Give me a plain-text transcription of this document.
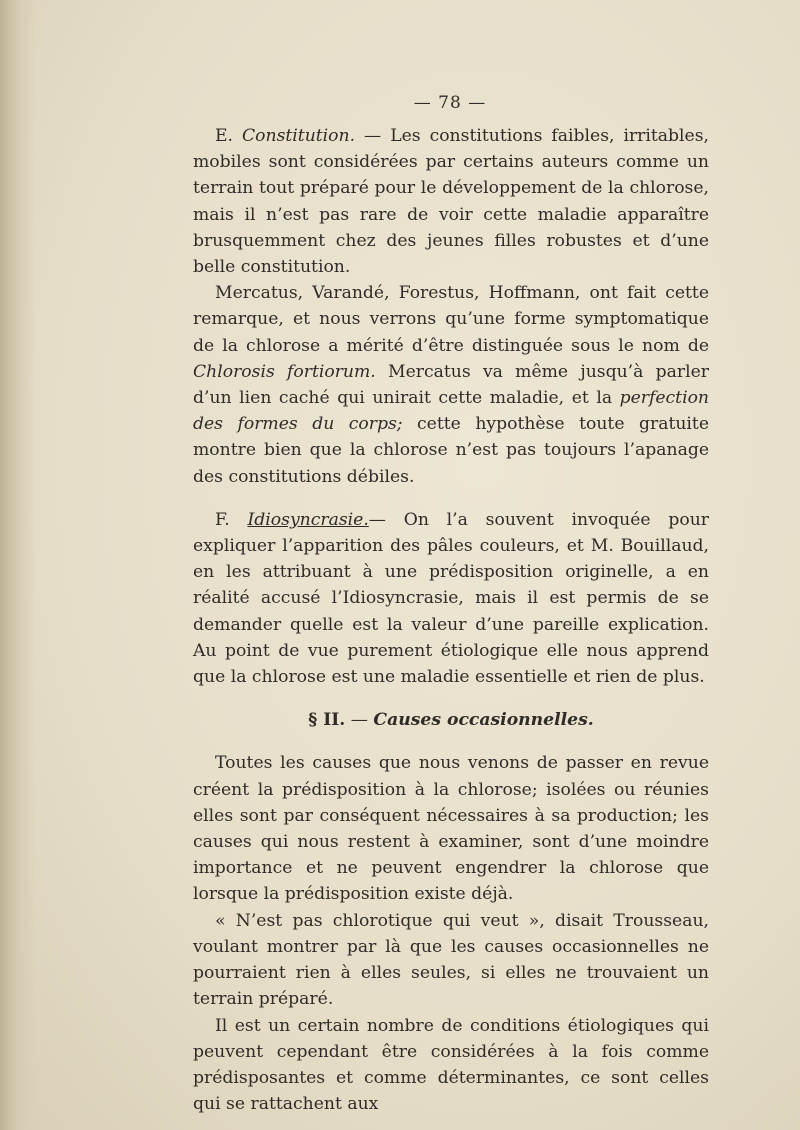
— 78 —

E. Constitution. — Les constitutions faibles, irritables, mobiles sont considérées par certains auteurs comme un terrain tout préparé pour le développement de la chlorose, mais il n’est pas rare de voir cette maladie apparaître brusquemment chez des jeunes filles robustes et d’une belle constitution.

Mercatus, Varandé, Forestus, Hoffmann, ont fait cette remarque, et nous verrons qu’une forme symptomatique de la chlorose a mérité d’être distinguée sous le nom de Chlorosis fortiorum. Mercatus va même jusqu’à parler d’un lien caché qui unirait cette maladie, et la perfection des formes du corps; cette hypothèse toute gratuite montre bien que la chlorose n’est pas toujours l’apanage des constitutions débiles.

F. Idiosyncrasie.— On l’a souvent invoquée pour expliquer l’apparition des pâles couleurs, et M. Bouillaud, en les attribuant à une prédisposition originelle, a en réalité accusé l’Idiosyncrasie, mais il est permis de se demander quelle est la valeur d’une pareille explication. Au point de vue purement étiologique elle nous apprend que la chlorose est une maladie essentielle et rien de plus.

§ II. — Causes occasionnelles.

Toutes les causes que nous venons de passer en revue créent la prédisposition à la chlorose; isolées ou réunies elles sont par conséquent nécessaires à sa production; les causes qui nous restent à examiner, sont d’une moindre importance et ne peuvent engendrer la chlorose que lorsque la prédisposition existe déjà.

« N’est pas chlorotique qui veut », disait Trousseau, voulant montrer par là que les causes occasionnelles ne pourraient rien à elles seules, si elles ne trouvaient un terrain préparé.

Il est un certain nombre de conditions étiologiques qui peuvent cependant être considérées à la fois comme prédisposantes et comme déterminantes, ce sont celles qui se rattachent aux
